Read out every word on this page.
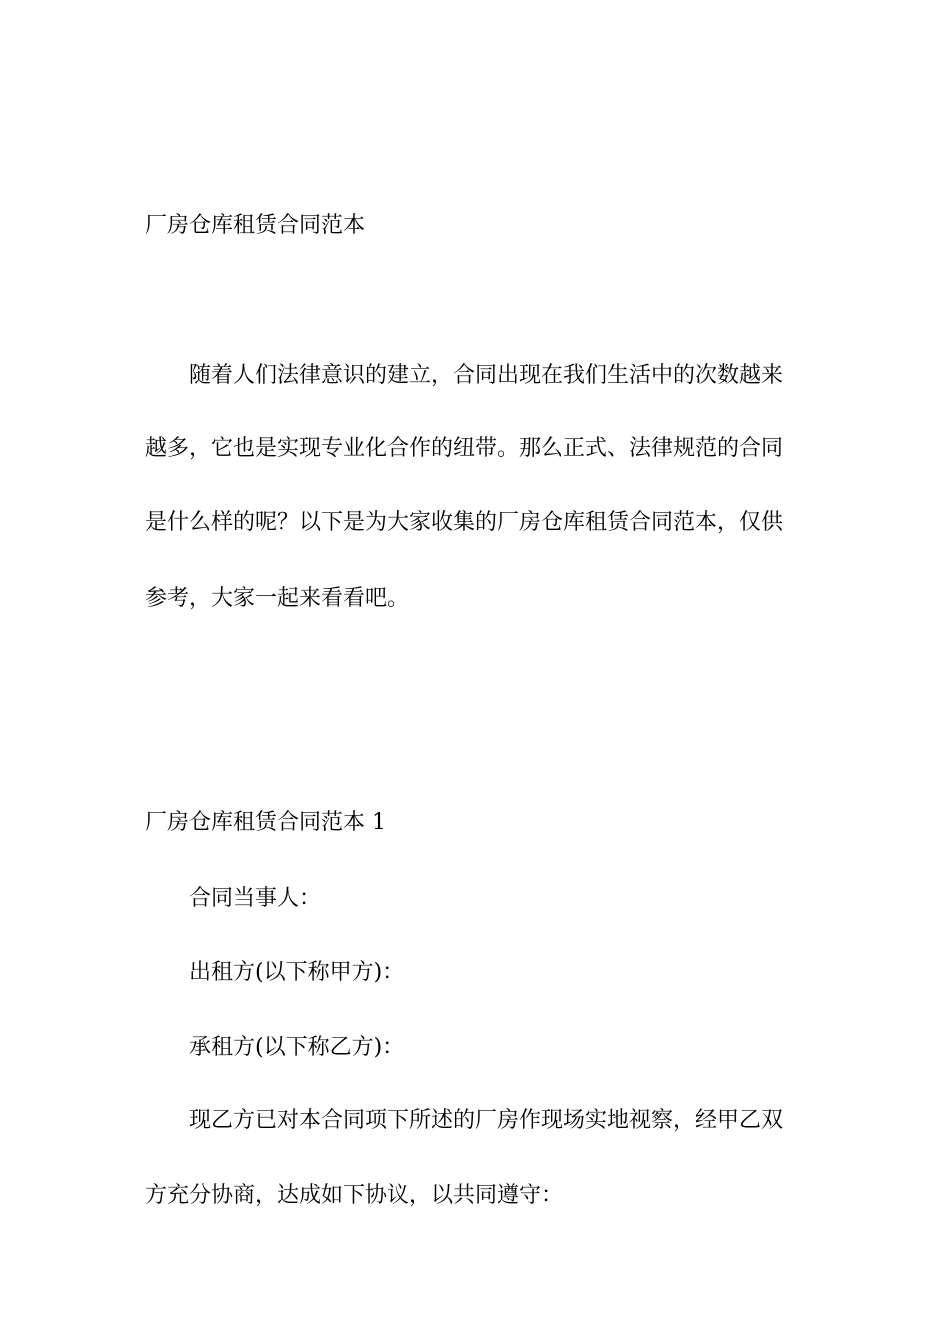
厂房仓库租赁合同范本
随着人们法律意识的建立，合同出现在我们生活中的次数越来
越多，它也是实现专业化合作的纽带。那么正式、法律规范的合同
是什么样的呢？以下是为大家收集的厂房仓库租赁合同范本，仅供
参考，大家一起来看看吧。
厂房仓库租赁合同范本 1
合同当事人：
出租方(以下称甲方)：
承租方(以下称乙方)：
现乙方已对本合同项下所述的厂房作现场实地视察，经甲乙双
方充分协商，达成如下协议，以共同遵守：
